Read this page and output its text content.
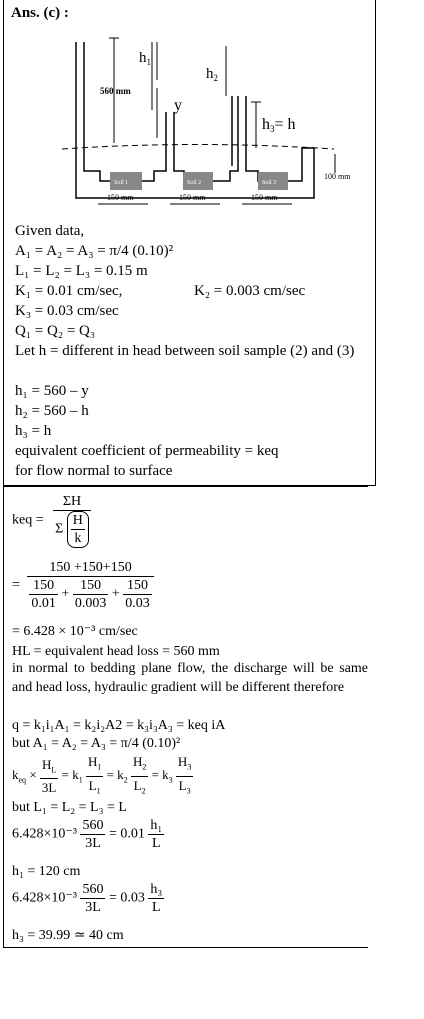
Ans. (c) :
Soil 1	Soil 2	Soil 3
560 mm
$h_1$
y
$h_2$
h3= h
100 mm
150 mm	150 mm	150 mm
Given data,
A₁ = A₂ = A₃ = π/4 (0.10)²
L₁ = L₂ = L₃ = 0.15 m
K₁ = 0.01 cm/sec,	K₂ = 0.003 cm/sec
K₃ = 0.03 cm/sec
Q₁ = Q₂ = Q₃
Let h = different in head between soil sample (2) and (3)
h₁ = 560 – y
h₂ = 560 – h
h₃ = h
equivalent coefficient of permeability = keq
for flow normal to surface
keq = $\frac{\Sigma H}{\Sigma \frac{H}{k}}$
= $\frac{150 +150+150}{\frac{150}{0.01} + \frac{150}{0.003} + \frac{150}{0.03}}$
= 6.428 × 10⁻³ cm/sec
HL = equivalent head loss = 560 mm
in normal to bedding plane flow, the discharge will be same and head loss, hydraulic gradient will be different therefore
q = k₁i₁A₁ = k₂i₂A2 = k₃i₃A₃ = keq iA
but A₁ = A₂ = A₃ = π/4 (0.10)²
$k_{eq} \times \frac{H_L}{3L} = k_1 \frac{H_1}{L_1} = k_2 \frac{H_2}{L_2} = k_3 \frac{H_3}{L_3}$
but L₁ = L₂ = L₃ = L
$6.428\times 10^{-3} \frac{560}{3L} = 0.01 \frac{\text{h₁}}{L}$
h₁ = 120 cm
$6.428\times 10^{-3} \frac{560}{3L} = 0.03 \frac{\text{h₃}}{L}$
h₃ = 39.99 ≃ 40 cm
